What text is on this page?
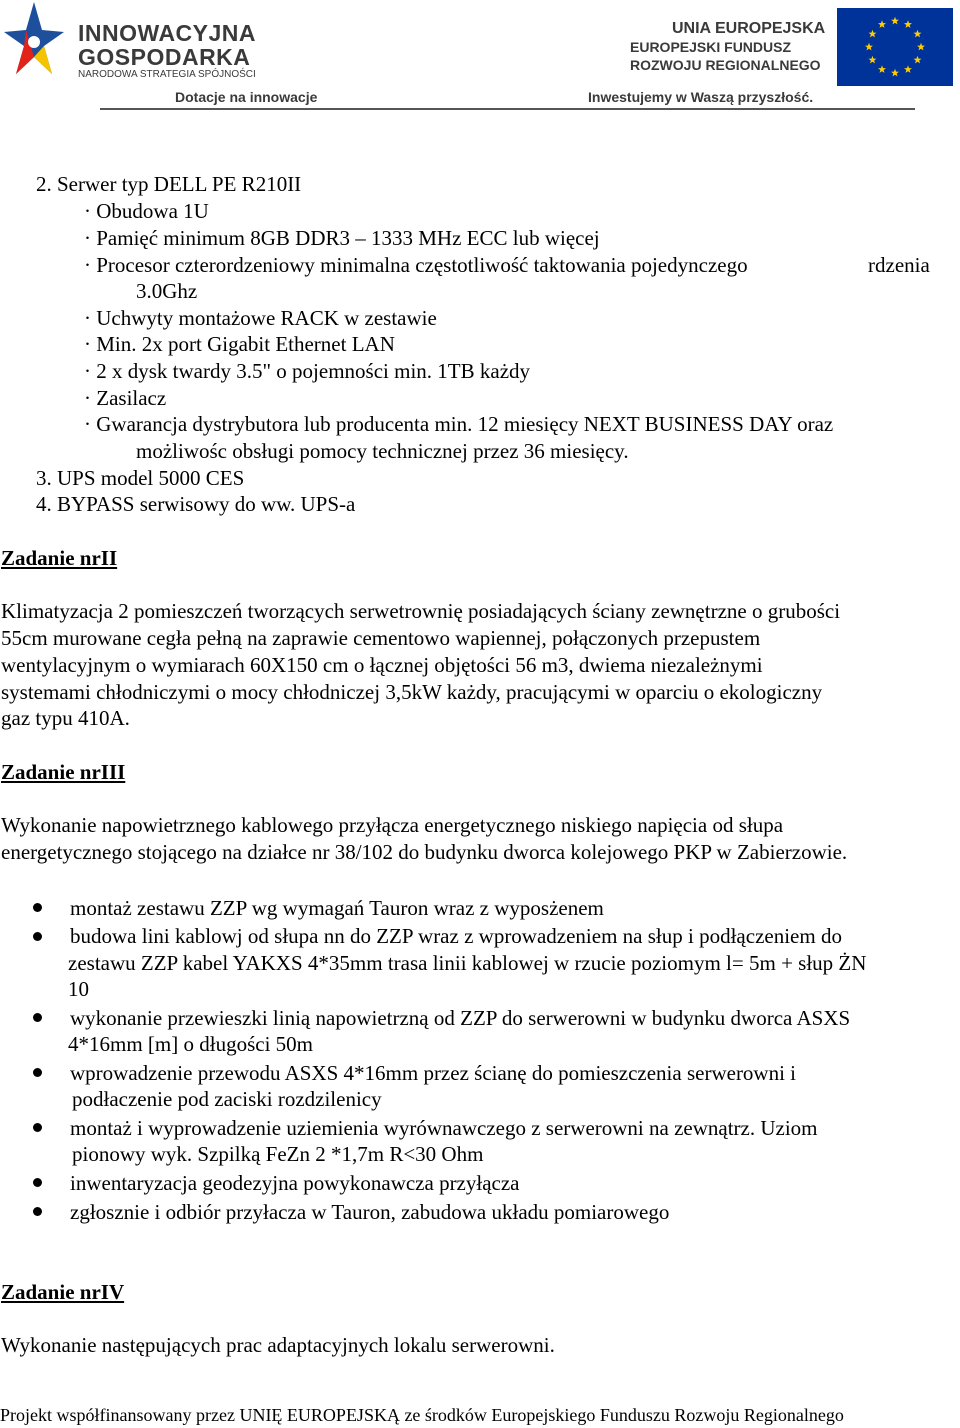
INNOWACYJNA
GOSPODARKA
NARODOWA STRATEGIA SPÓJNOŚCI
Dotacje na innowacje
UNIA EUROPEJSKA
EUROPEJSKI FUNDUSZ
ROZWOJU REGIONALNEGO
Inwestujemy w Waszą przyszłość.
2. Serwer typ DELL PE R210II
· Obudowa 1U
· Pamięć minimum 8GB DDR3 – 1333 MHz ECC lub więcej
· Procesor czterordzeniowy minimalna częstotliwość taktowania pojedynczego	rdzenia
3.0Ghz
· Uchwyty montażowe RACK w zestawie
· Min. 2x port Gigabit Ethernet LAN
· 2 x dysk twardy 3.5" o pojemności min. 1TB każdy
· Zasilacz
· Gwarancja dystrybutora lub producenta min. 12 miesięcy NEXT BUSINESS DAY oraz
możliwośc obsługi pomocy technicznej przez 36 miesięcy.
3. UPS model 5000 CES
4. BYPASS serwisowy do ww. UPS-a
Zadanie nrII
Klimatyzacja 2 pomieszczeń tworzących serwetrownię posiadających ściany zewnętrzne o grubości
55cm murowane cegła pełną na zaprawie cementowo wapiennej, połączonych przepustem
wentylacyjnym o wymiarach 60X150 cm o łącznej objętości 56 m3, dwiema niezależnymi
systemami chłodniczymi o mocy chłodniczej 3,5kW każdy, pracującymi w oparciu o ekologiczny
gaz typu 410A.
Zadanie nrIII
Wykonanie napowietrznego kablowego przyłącza energetycznego niskiego napięcia od słupa
energetycznego stojącego na działce nr 38/102 do budynku dworca kolejowego PKP w Zabierzowie.
montaż zestawu ZZP wg wymagań Tauron wraz z wyposżenem
budowa lini kablowj od słupa nn do ZZP wraz z wprowadzeniem na słup i podłączeniem do
zestawu ZZP kabel YAKXS 4*35mm trasa linii kablowej w rzucie poziomym l= 5m + słup ŻN
10
wykonanie przewieszki linią napowietrzną od ZZP do serwerowni w budynku dworca ASXS
4*16mm [m] o długości 50m
wprowadzenie przewodu ASXS 4*16mm przez ścianę do pomieszczenia serwerowni i
podłaczenie pod zaciski rozdzilenicy
montaż i wyprowadzenie uziemienia wyrównawczego z serwerowni na zewnątrz. Uziom
pionowy wyk. Szpilką FeZn 2 *1,7m R<30 Ohm
inwentaryzacja geodezyjna powykonawcza przyłącza
zgłosznie i odbiór przyłacza w Tauron, zabudowa układu pomiarowego
Zadanie nrIV
Wykonanie następujących prac adaptacyjnych lokalu serwerowni.
Projekt współfinansowany przez UNIĘ EUROPEJSKĄ ze środków Europejskiego Funduszu Rozwoju Regionalnego
